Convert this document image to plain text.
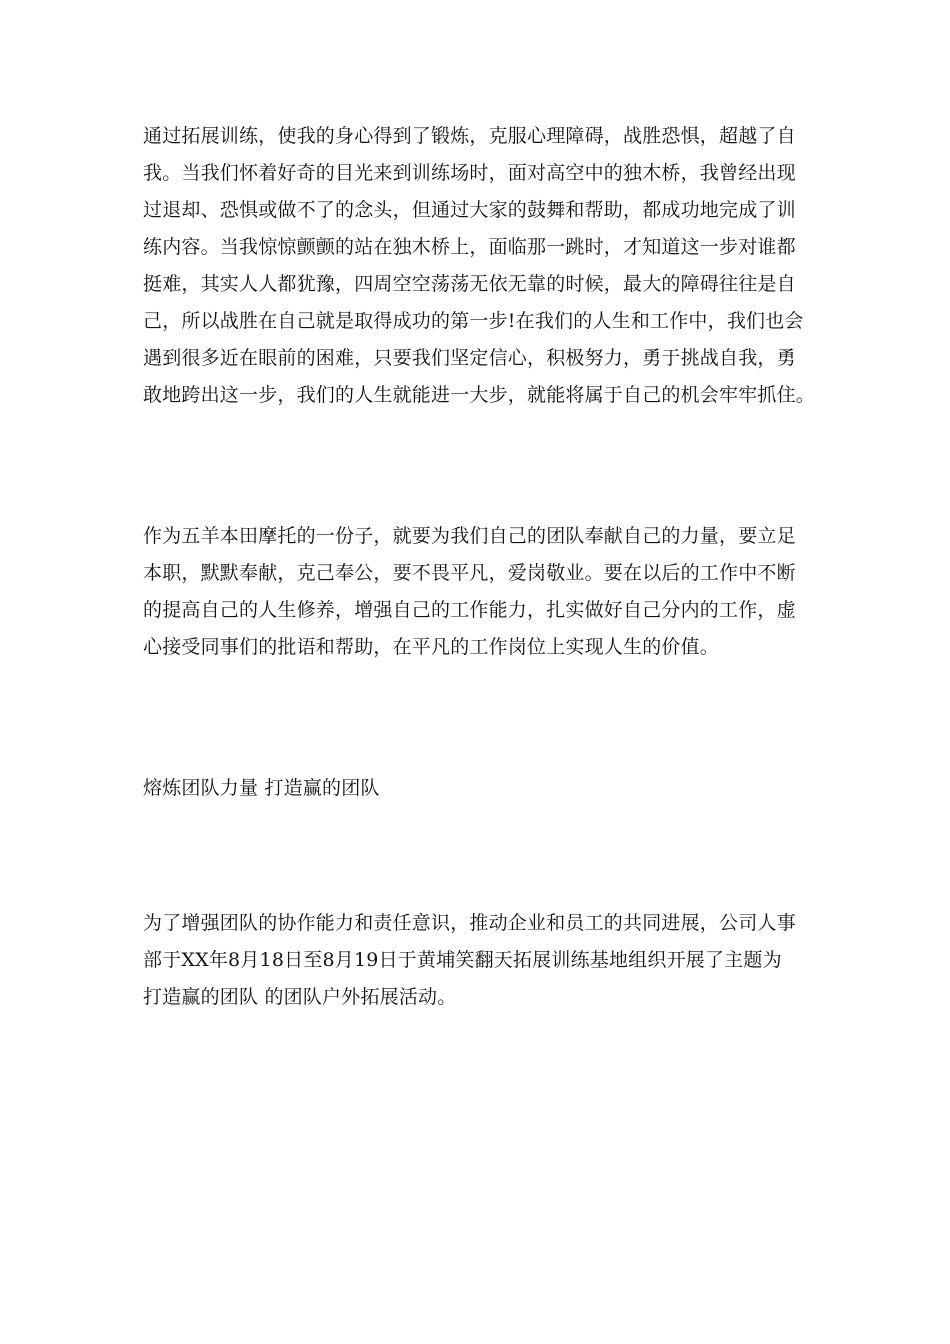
通过拓展训练，使我的身心得到了锻炼，克服心理障碍，战胜恐惧，超越了自
我。当我们怀着好奇的目光来到训练场时，面对高空中的独木桥，我曾经出现
过退却、恐惧或做不了的念头，但通过大家的鼓舞和帮助，都成功地完成了训
练内容。当我惊惊颤颤的站在独木桥上，面临那一跳时，才知道这一步对谁都
挺难，其实人人都犹豫，四周空空荡荡无依无靠的时候，最大的障碍往往是自
己，所以战胜在自己就是取得成功的第一步!在我们的人生和工作中，我们也会
遇到很多近在眼前的困难，只要我们坚定信心，积极努力，勇于挑战自我，勇
敢地跨出这一步，我们的人生就能进一大步，就能将属于自己的机会牢牢抓住。
作为五羊本田摩托的一份子，就要为我们自己的团队奉献自己的力量，要立足
本职，默默奉献，克己奉公，要不畏平凡，爱岗敬业。要在以后的工作中不断
的提高自己的人生修养，增强自己的工作能力，扎实做好自己分内的工作，虚
心接受同事们的批语和帮助，在平凡的工作岗位上实现人生的价值。
熔炼团队力量 打造赢的团队
为了增强团队的协作能力和责任意识，推动企业和员工的共同进展，公司人事
部于XX年8月18日至8月19日于黄埔笑翻天拓展训练基地组织开展了主题为
打造赢的团队 的团队户外拓展活动。
